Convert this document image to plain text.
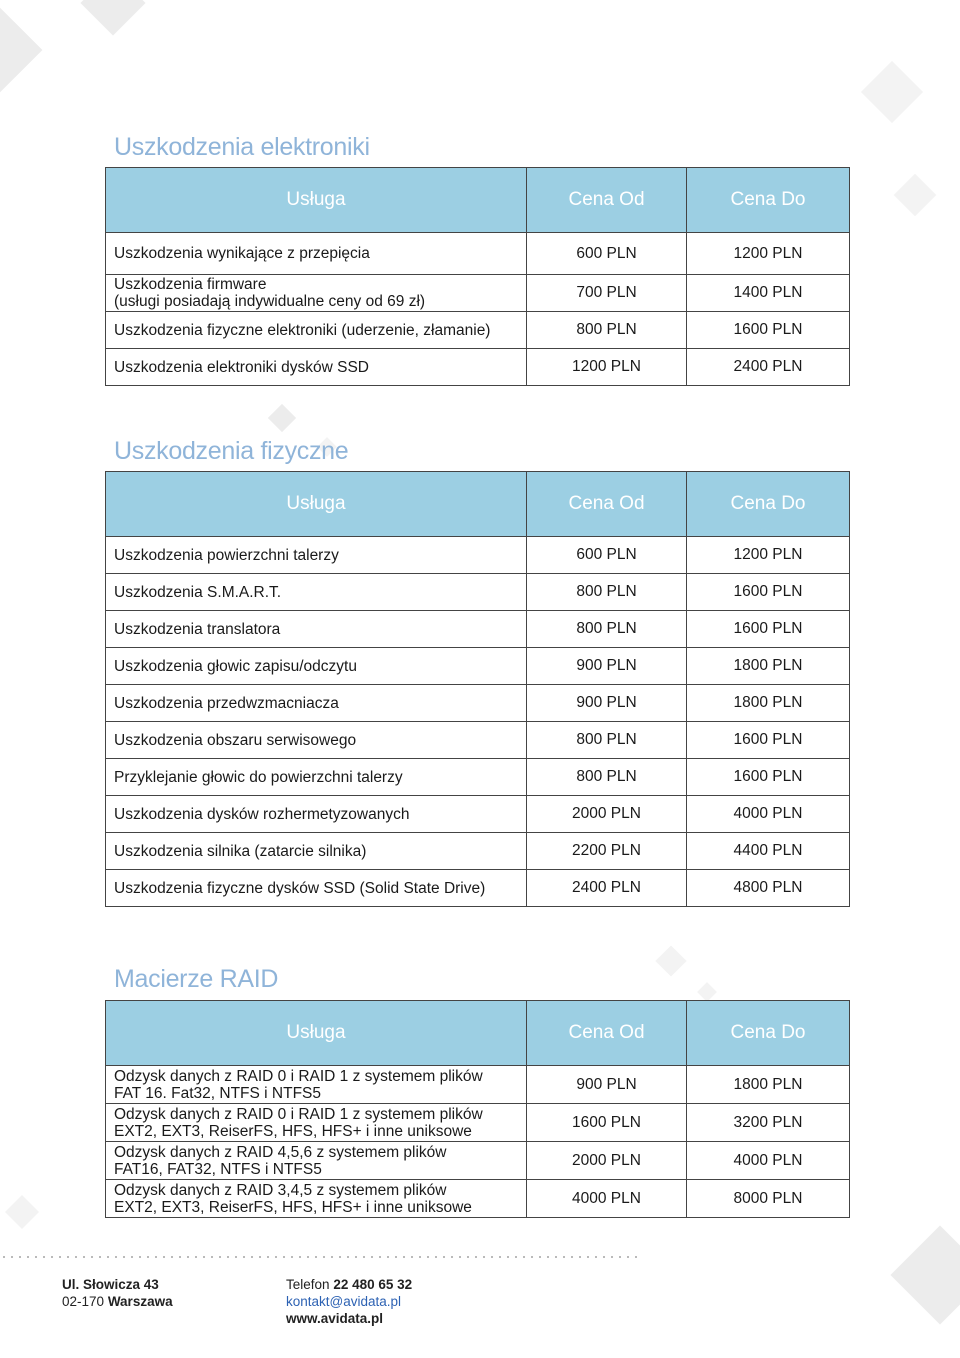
Uszkodzenia elektroniki
Usługa	Cena Od	Cena Do
Uszkodzenia wynikające z przepięcia	600 PLN	1200 PLN

Uszkodzenia firmware
(usługi posiadają indywidualne ceny od 69 zł)	700 PLN	1400 PLN
Uszkodzenia fizyczne elektroniki (uderzenie, złamanie)	800 PLN	1600 PLN
Uszkodzenia elektroniki dysków SSD	1200 PLN	2400 PLN
Uszkodzenia fizyczne
Usługa	Cena Od	Cena Do
Uszkodzenia powierzchni talerzy	600 PLN	1200 PLN
Uszkodzenia S.M.A.R.T.	800 PLN	1600 PLN
Uszkodzenia translatora	800 PLN	1600 PLN
Uszkodzenia głowic zapisu/odczytu	900 PLN	1800 PLN
Uszkodzenia przedwzmacniacza	900 PLN	1800 PLN
Uszkodzenia obszaru serwisowego	800 PLN	1600 PLN
Przyklejanie głowic do powierzchni talerzy	800 PLN	1600 PLN
Uszkodzenia dysków rozhermetyzowanych	2000 PLN	4000 PLN
Uszkodzenia silnika (zatarcie silnika)	2200 PLN	4400 PLN
Uszkodzenia fizyczne dysków SSD (Solid State Drive)	2400 PLN	4800 PLN
Macierze RAID
Usługa	Cena Od	Cena Do

Odzysk danych z RAID 0 i RAID 1 z systemem plików
FAT 16. Fat32, NTFS i NTFS5	900 PLN	1800 PLN

Odzysk danych z RAID 0 i RAID 1 z systemem plików
EXT2, EXT3, ReiserFS, HFS, HFS+ i inne uniksowe	1600 PLN	3200 PLN

Odzysk danych z RAID 4,5,6 z systemem plików
FAT16, FAT32, NTFS i NTFS5	2000 PLN	4000 PLN

Odzysk danych z RAID 3,4,5 z systemem plików
EXT2, EXT3, ReiserFS, HFS, HFS+ i inne uniksowe	4000 PLN	8000 PLN
Ul. Słowicza 43
02-170 Warszawa
Telefon 22 480 65 32
kontakt@avidata.pl
www.avidata.pl
